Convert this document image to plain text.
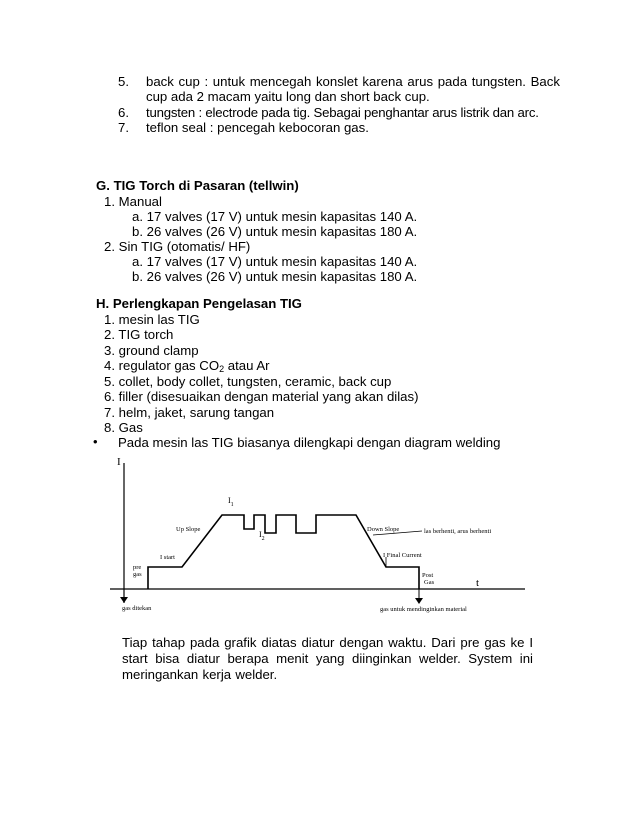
5. back cup : untuk mencegah konslet karena arus pada tungsten. Back
cup ada 2 macam yaitu long dan short back cup.
6. tungsten : electrode pada tig. Sebagai penghantar arus listrik dan arc.
7. teflon seal : pencegah kebocoran gas.
G. TIG Torch di Pasaran (tellwin)
1. Manual
a. 17 valves (17 V) untuk mesin kapasitas 140 A.
b. 26 valves (26 V) untuk mesin kapasitas 180 A.
2. Sin TIG (otomatis/ HF)
a. 17 valves (17 V) untuk mesin kapasitas 140 A.
b. 26 valves (26 V) untuk mesin kapasitas 180 A.
H. Perlengkapan Pengelasan TIG
1. mesin las TIG
2. TIG torch
3. ground clamp
4. regulator gas $CO_2$ atau Ar
5. collet, body collet, tungsten, ceramic, back cup
6. filler (disesuaikan dengan material yang akan dilas)
7. helm, jaket, sarung tangan
8. Gas
• Pada mesin las TIG biasanya dilengkapi dengan diagram welding
I
t
pre
gas
I start
Up Slope
$I_1$
$I_2$
Down Slope	las berhenti, arus berhenti
I Final Current
Post
Gas
gas ditekan	gas untuk mendinginkan material
Tiap tahap pada grafik diatas diatur dengan waktu. Dari pre gas ke I start bisa diatur berapa menit yang diinginkan welder. System ini meringankan kerja welder.
